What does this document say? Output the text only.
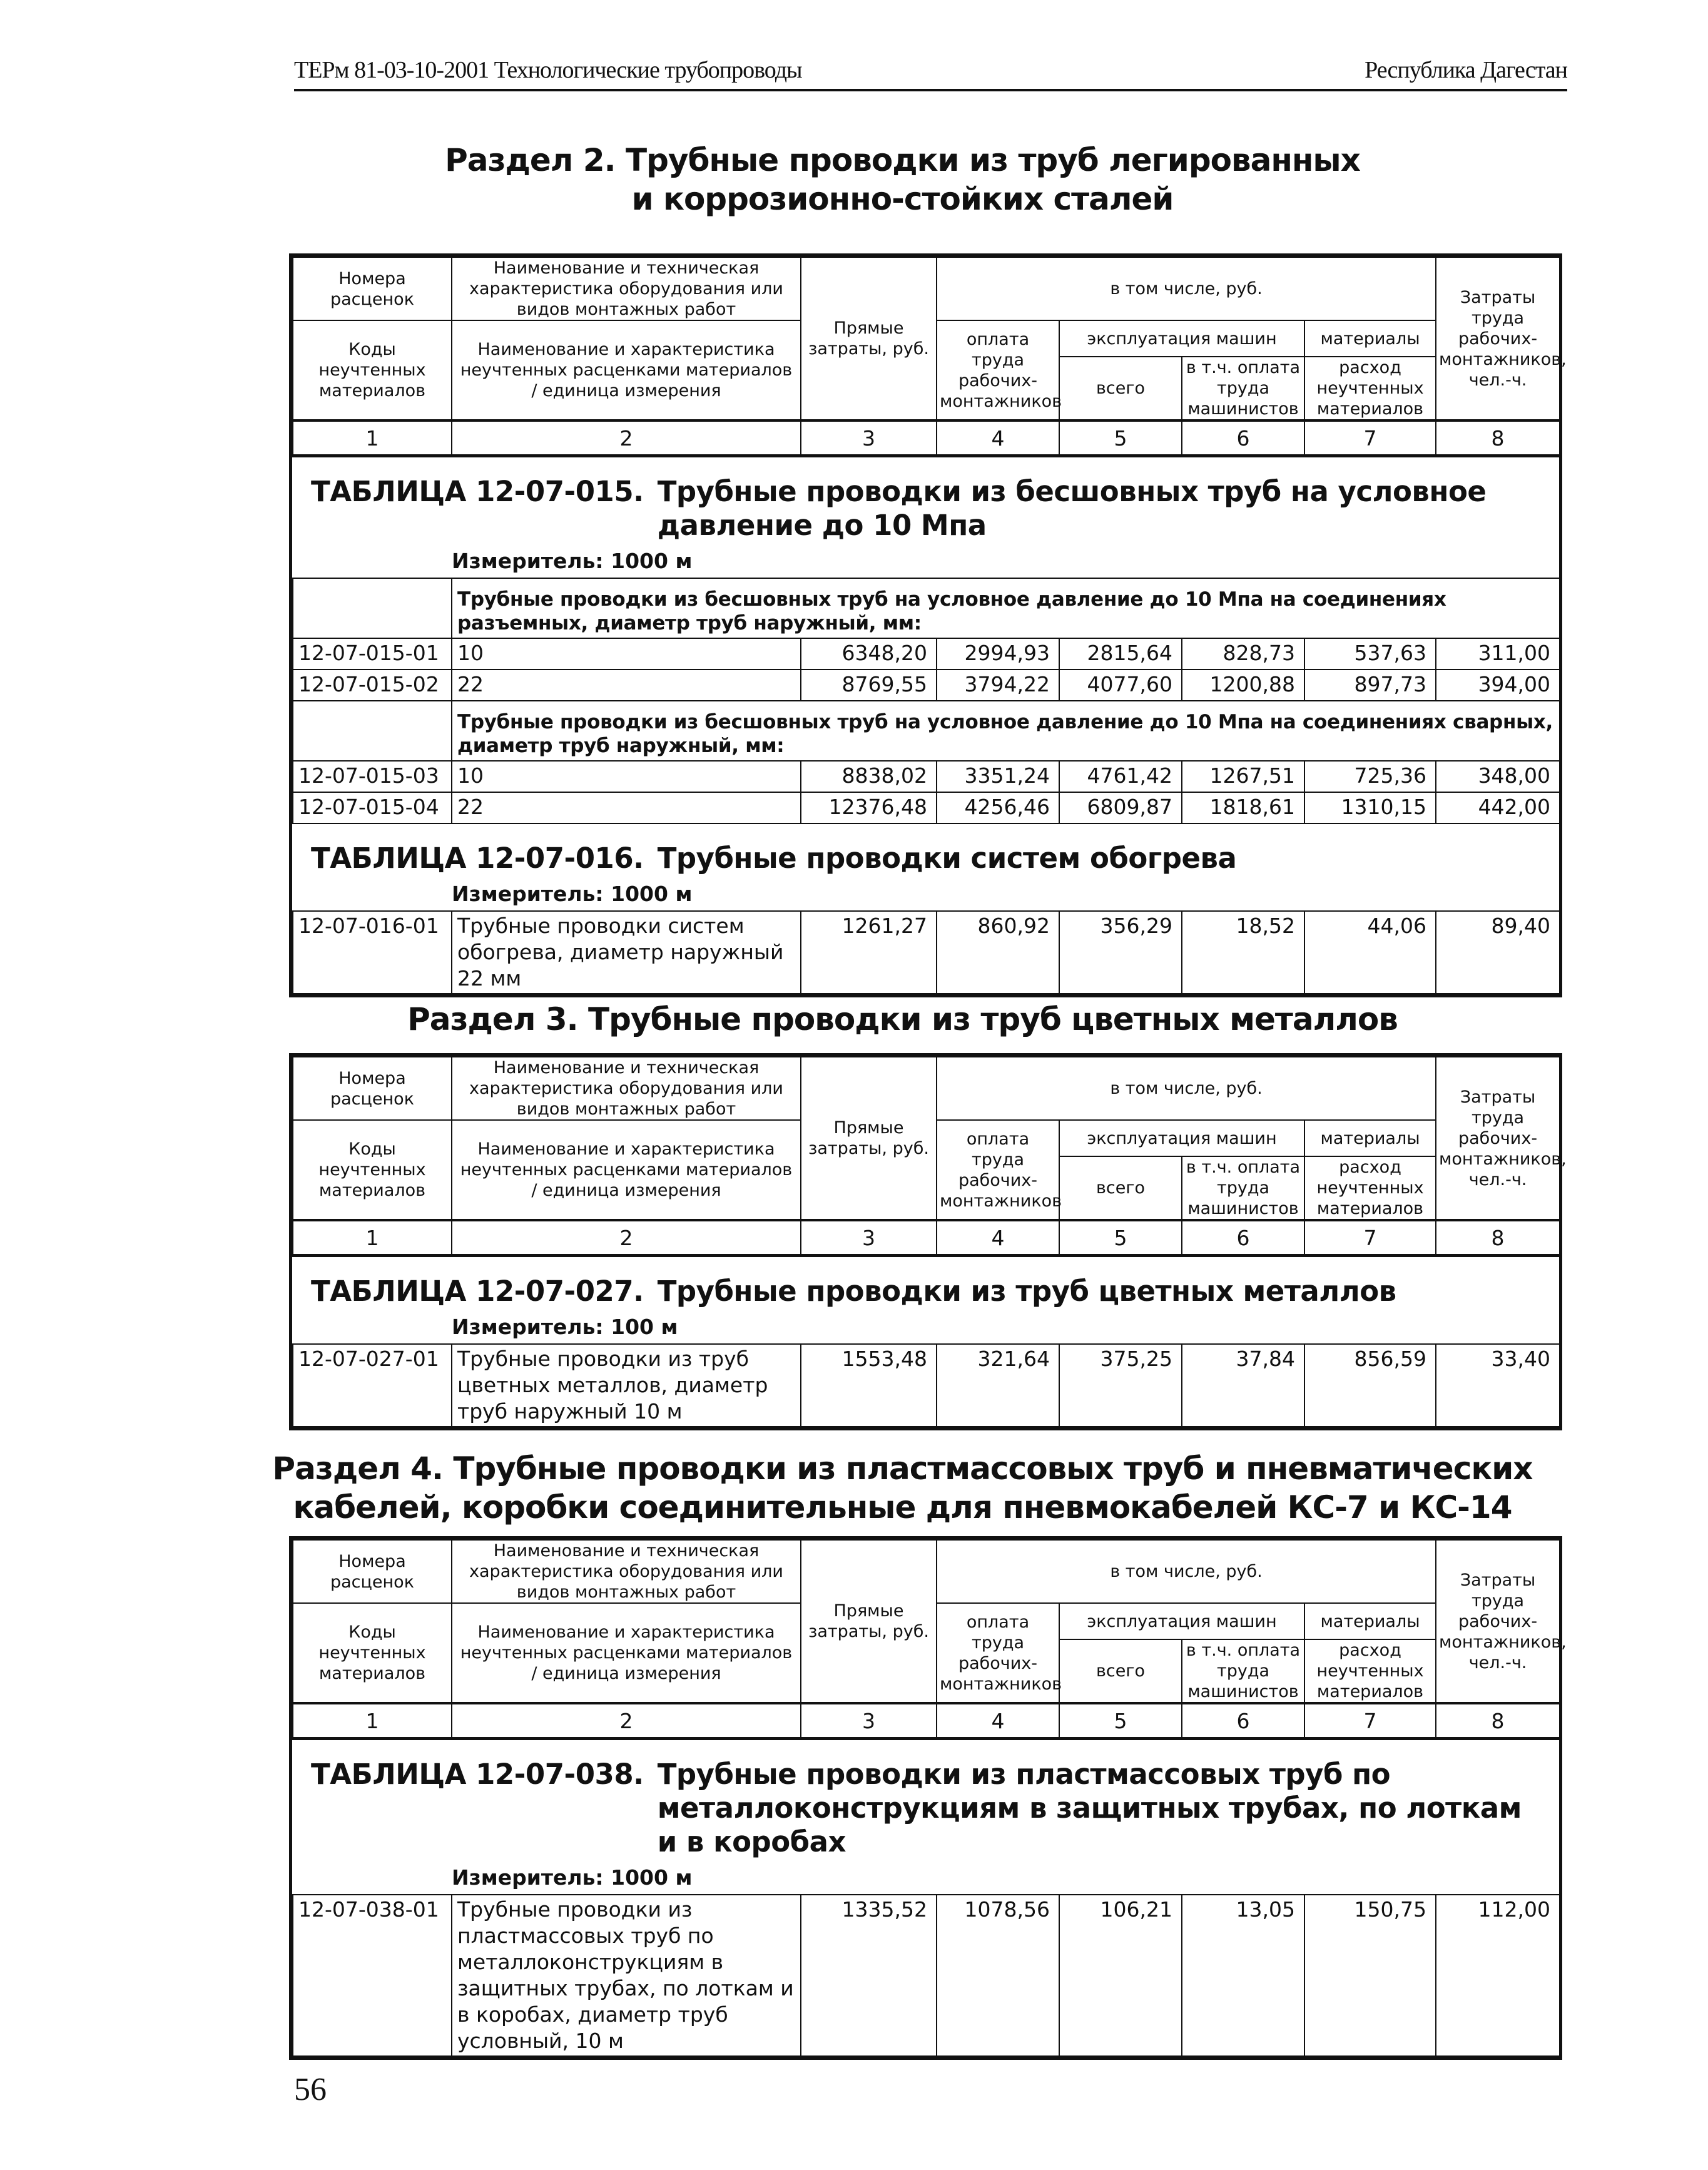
ТЕРм 81-03-10-2001 Технологические трубопроводы	Республика Дагестан
Раздел 2. Трубные проводки из труб легированных
и коррозионно-стойких сталей
Номера расценок	Наименование и техническая характеристика оборудования или видов монтажных работ	Прямые затраты, руб.	в том числе, руб.				Затраты труда рабочих-монтажников, чел.-ч.
Коды неучтенных материалов	Наименование и характеристика неучтенных расценками материалов / единица измерения		оплата труда рабочих-монтажников	эксплуатация машин		материалы	
				всего	в т.ч. оплата труда машинистов	расход неучтенных материалов	
1	2	3	4	5	6	7	8
ТАБЛИЦА 12-07-015. Трубные проводки из бесшовных труб на условное давление до 10 Мпа
Измеритель: 1000 м
	Трубные проводки из бесшовных труб на условное давление до 10 Мпа на соединениях разъемных, диаметр труб наружный, мм:						
12-07-015-01	10	6348,20	2994,93	2815,64	828,73	537,63	311,00
12-07-015-02	22	8769,55	3794,22	4077,60	1200,88	897,73	394,00
	Трубные проводки из бесшовных труб на условное давление до 10 Мпа на соединениях сварных, диаметр труб наружный, мм:						
12-07-015-03	10	8838,02	3351,24	4761,42	1267,51	725,36	348,00
12-07-015-04	22	12376,48	4256,46	6809,87	1818,61	1310,15	442,00
ТАБЛИЦА 12-07-016. Трубные проводки систем обогрева
Измеритель: 1000 м
12-07-016-01	Трубные проводки систем обогрева, диаметр наружный 22 мм	1261,27	860,92	356,29	18,52	44,06	89,40
Раздел 3. Трубные проводки из труб цветных металлов
Номера расценок	Наименование и техническая характеристика оборудования или видов монтажных работ	Прямые затраты, руб.	в том числе, руб.				Затраты труда рабочих-монтажников, чел.-ч.
Коды неучтенных материалов	Наименование и характеристика неучтенных расценками материалов / единица измерения		оплата труда рабочих-монтажников	эксплуатация машин		материалы	
				всего	в т.ч. оплата труда машинистов	расход неучтенных материалов	
1	2	3	4	5	6	7	8
ТАБЛИЦА 12-07-027. Трубные проводки из труб цветных металлов
Измеритель: 100 м
12-07-027-01	Трубные проводки из труб цветных металлов, диаметр труб наружный 10 м	1553,48	321,64	375,25	37,84	856,59	33,40
Раздел 4. Трубные проводки из пластмассовых труб и пневматических
кабелей, коробки соединительные для пневмокабелей КС-7 и КС-14
Номера расценок	Наименование и техническая характеристика оборудования или видов монтажных работ	Прямые затраты, руб.	в том числе, руб.				Затраты труда рабочих-монтажников, чел.-ч.
Коды неучтенных материалов	Наименование и характеристика неучтенных расценками материалов / единица измерения		оплата труда рабочих-монтажников	эксплуатация машин		материалы	
				всего	в т.ч. оплата труда машинистов	расход неучтенных материалов	
1	2	3	4	5	6	7	8
ТАБЛИЦА 12-07-038. Трубные проводки из пластмассовых труб по металлоконструкциям в защитных трубах, по лоткам и в коробах
Измеритель: 1000 м
12-07-038-01	Трубные проводки из пластмассовых труб по металлоконструкциям в защитных трубах, по лоткам и в коробах, диаметр труб условный, 10 м	1335,52	1078,56	106,21	13,05	150,75	112,00
56
